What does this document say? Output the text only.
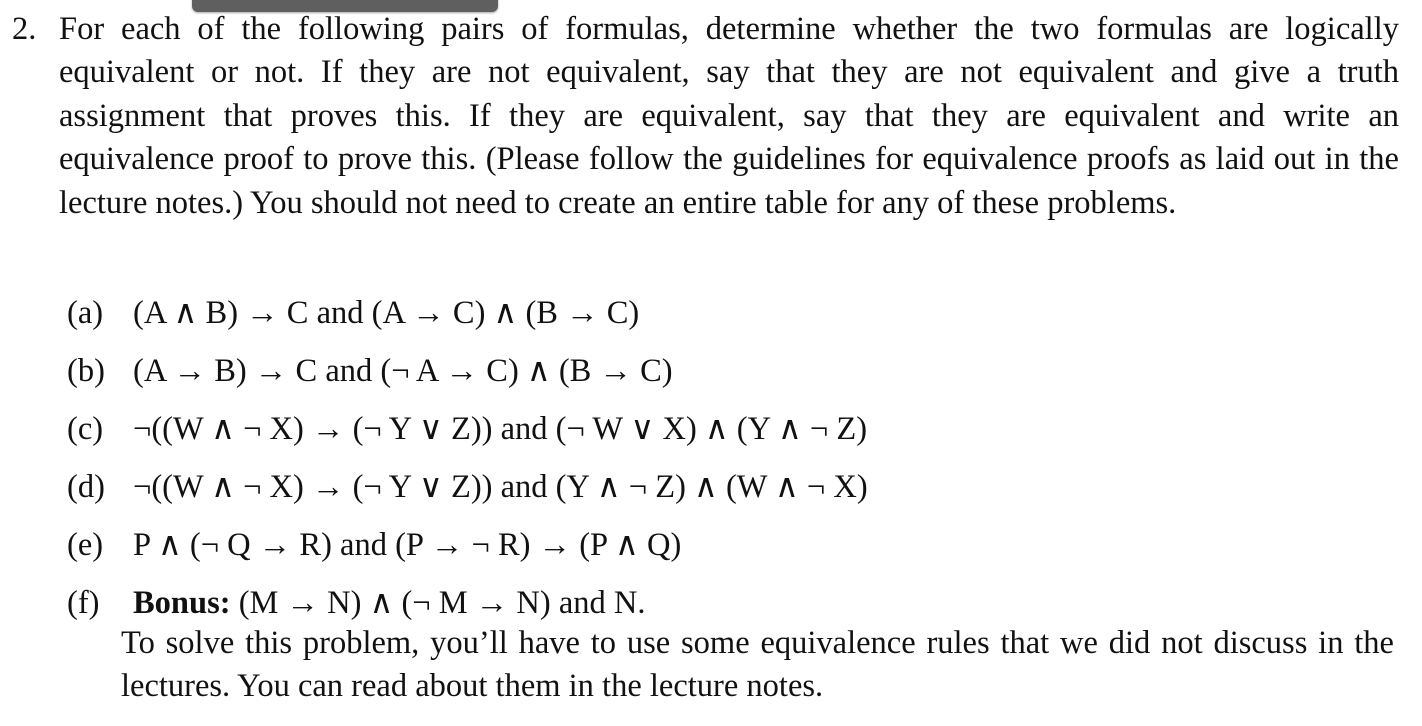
2. For each of the following pairs of formulas, determine whether the two formulas are logically equivalent or not. If they are not equivalent, say that they are not equivalent and give a truth assignment that proves this. If they are equivalent, say that they are equivalent and write an equivalence proof to prove this. (Please follow the guidelines for equivalence proofs as laid out in the lecture notes.) You should not need to create an entire table for any of these problems.
(a) (A ∧ B) → C and (A → C) ∧ (B → C)
(b) (A → B) → C and (¬ A → C) ∧ (B → C)
(c) ¬((W ∧ ¬ X) → (¬ Y ∨ Z)) and (¬ W ∨ X) ∧ (Y ∧ ¬ Z)
(d) ¬((W ∧ ¬ X) → (¬ Y ∨ Z)) and (Y ∧ ¬ Z) ∧ (W ∧ ¬ X)
(e) P ∧ (¬ Q → R) and (P → ¬ R) → (P ∧ Q)
(f)	Bonus: (M → N) ∧ (¬ M → N) and N.
To solve this problem, you’ll have to use some equivalence rules that we did not discuss in the lectures. You can read about them in the lecture notes.
